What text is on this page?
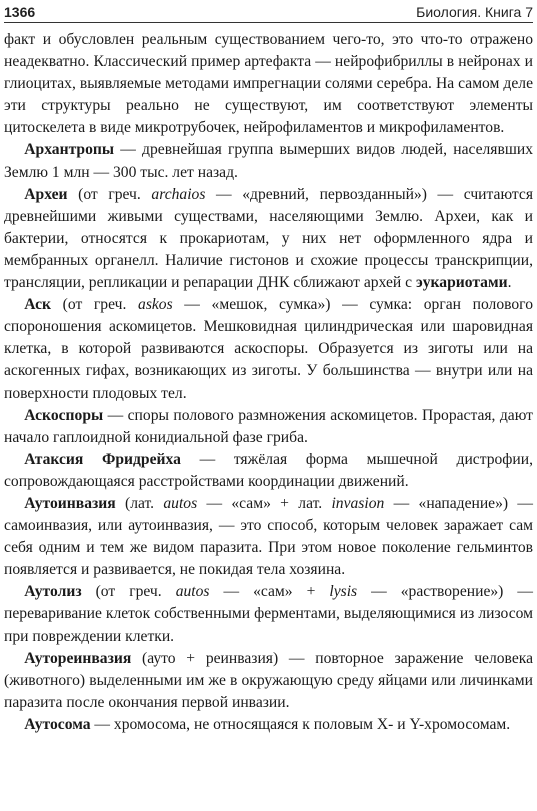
1366	Биология. Книга 7

факт и обусловлен реальным существованием чего-то, это что-то отражено неадекватно. Классический пример артефакта — нейрофибриллы в нейронах и глиоцитах, выявляемые методами импрегнации солями серебра. На самом деле эти структуры реально не существуют, им соответствуют элементы цитоскелета в виде микротрубочек, нейрофиламентов и микрофиламентов.

Архантропы — древнейшая группа вымерших видов людей, населявших Землю 1 млн — 300 тыс. лет назад.

Археи (от греч. archaios — «древний, первозданный») — считаются древнейшими живыми существами, населяющими Землю. Археи, как и бактерии, относятся к прокариотам, у них нет оформленного ядра и мембранных органелл. Наличие гистонов и схожие процессы транскрипции, трансляции, репликации и репарации ДНК сближают архей с эукариотами.

Аск (от греч. askos — «мешок, сумка») — сумка: орган полового спороношения аскомицетов. Мешковидная цилиндрическая или шаровидная клетка, в которой развиваются аскоспоры. Образуется из зиготы или на аскогенных гифах, возникающих из зиготы. У большинства — внутри или на поверхности плодовых тел.

Аскоспоры — споры полового размножения аскомицетов. Прорастая, дают начало гаплоидной конидиальной фазе гриба.

Атаксия Фридрейха — тяжёлая форма мышечной дистрофии, сопровождающаяся расстройствами координации движений.

Аутоинвазия (лат. autos — «сам» + лат. invasion — «нападение») — самоинвазия, или аутоинвазия, — это способ, которым человек заражает сам себя одним и тем же видом паразита. При этом новое поколение гельминтов появляется и развивается, не покидая тела хозяина.

Аутолиз (от греч. autos — «сам» + lysis — «растворение») — переваривание клеток собственными ферментами, выделяющимися из лизосом при повреждении клетки.

Аутореинвазия (ауто + реинвазия) — повторное заражение человека (животного) выделенными им же в окружающую среду яйцами или личинками паразита после окончания первой инвазии.

Аутосома — хромосома, не относящаяся к половым X- и Y-хромосомам.
